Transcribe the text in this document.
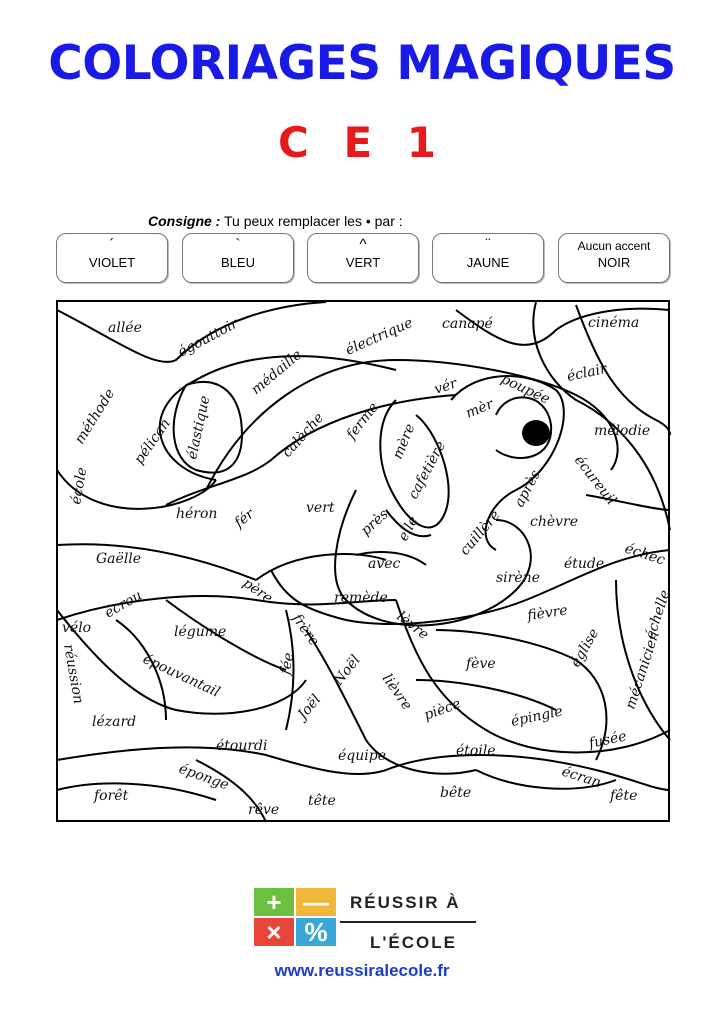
COLORIAGES MAGIQUES
C E 1
Consigne : Tu peux remplacer les • par :
´
VIOLET
`
BLEU
^
VERT
¨
JAUNE
Aucun accent
NOIR
allée égouttoir
médaille
électrique canapé	cinéma
méthode pélican élastique	calèche ferme mère
vér	poupée éclair
mélodie
cafetière
mèr
école	écureuil
après
héron fér	vert près elle	chèvre
échec
Gaëlle	avec
cuillère
étude
sirène
père	remède	échelle
vélo
écrou
légume	frère	lèvre	fièvre
église mécanicien
réussion	épouvantail	fée Noël	fève
lézard	Joël	lièvre pièce	épingle
étourdi
équipe	étoile	fusée
éponge	écran
forêt
rêve
tête	bête	fête
+ —
× %
RÉUSSIR À
L'ÉCOLE
www.reussiralecole.fr
